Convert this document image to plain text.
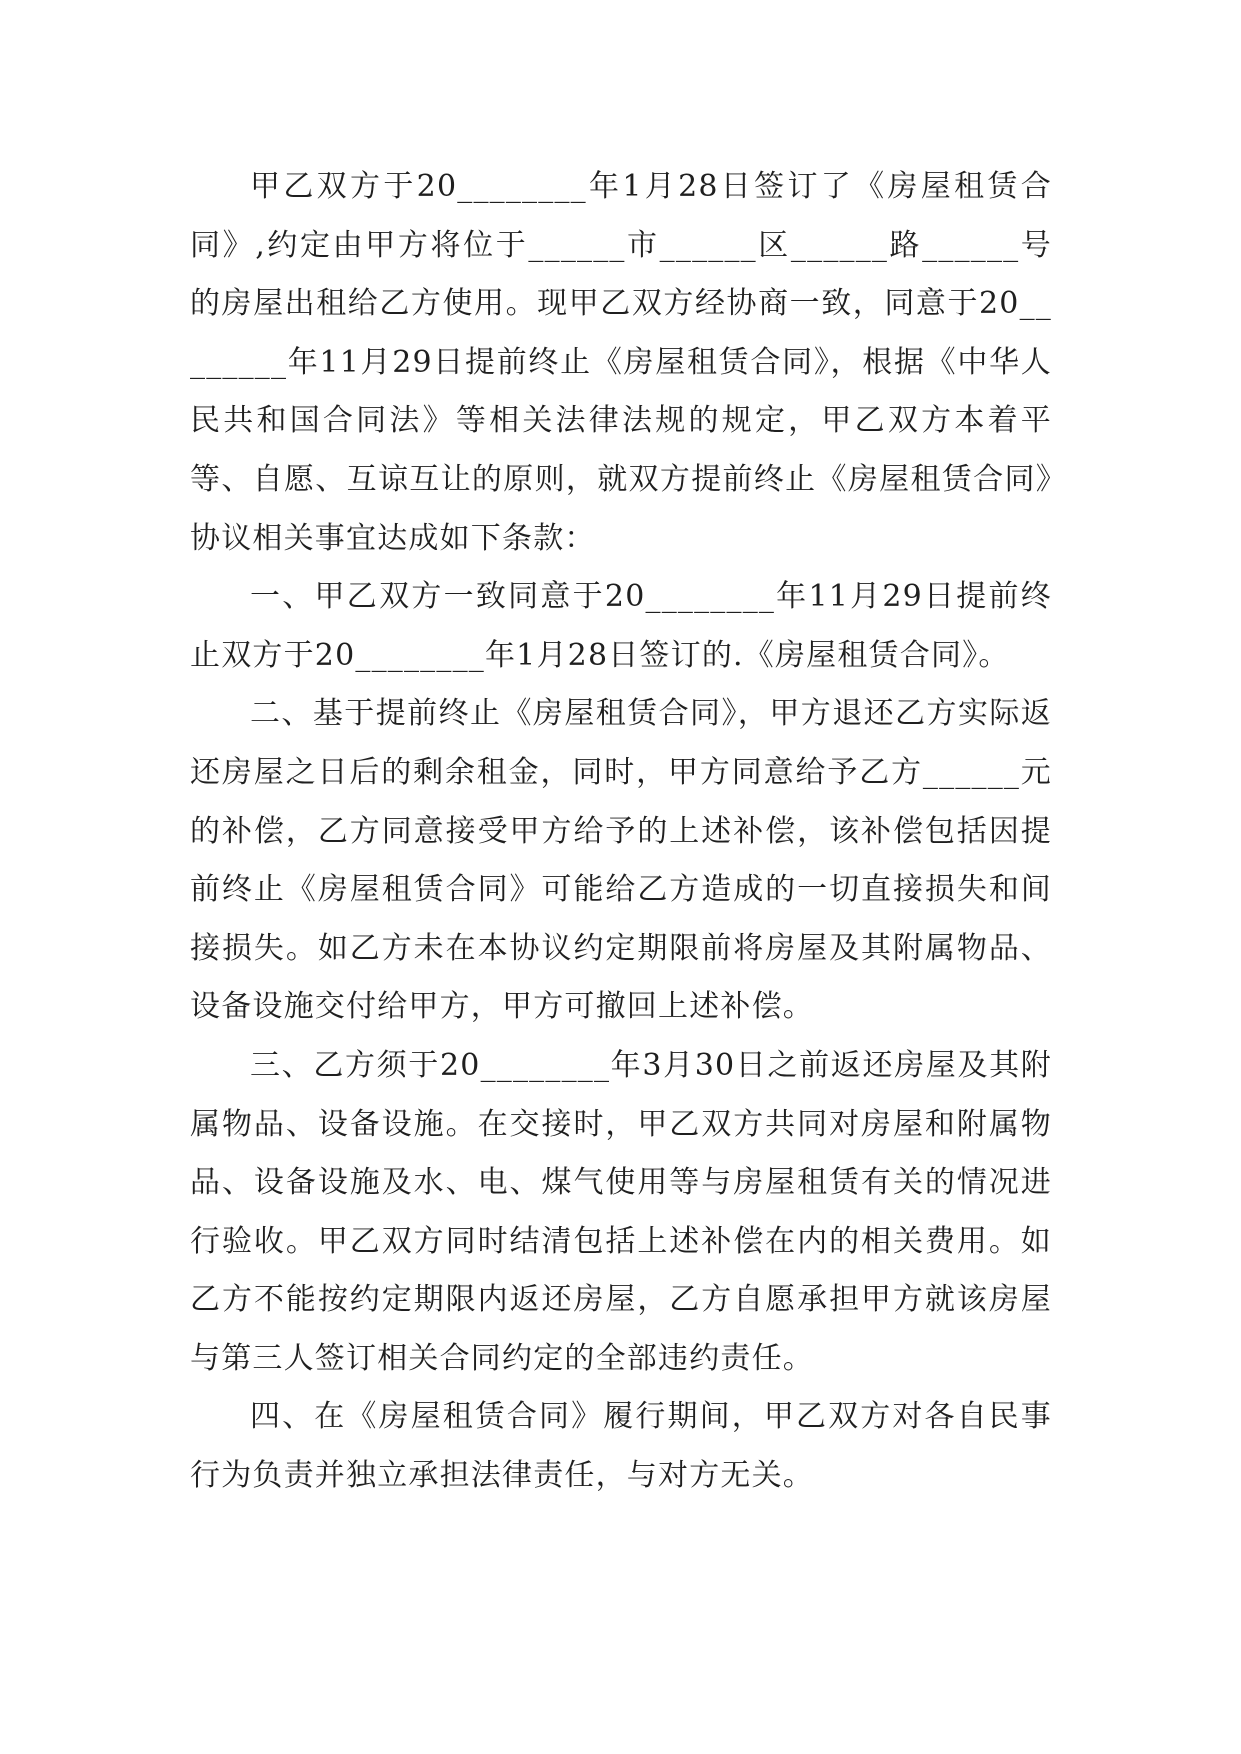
甲乙双方于20________年1月28日签订了《房屋租赁合同》,约定由甲方将位于______市______区______路______号的房屋出租给乙方使用。现甲乙双方经协商一致，同意于20________年11月29日提前终止《房屋租赁合同》，根据《中华人民共和国合同法》等相关法律法规的规定，甲乙双方本着平等、自愿、互谅互让的原则，就双方提前终止《房屋租赁合同》协议相关事宜达成如下条款：

一、甲乙双方一致同意于20________年11月29日提前终止双方于20________年1月28日签订的.《房屋租赁合同》。

二、基于提前终止《房屋租赁合同》，甲方退还乙方实际返还房屋之日后的剩余租金，同时，甲方同意给予乙方______元的补偿，乙方同意接受甲方给予的上述补偿，该补偿包括因提前终止《房屋租赁合同》可能给乙方造成的一切直接损失和间接损失。如乙方未在本协议约定期限前将房屋及其附属物品、设备设施交付给甲方，甲方可撤回上述补偿。

三、乙方须于20________年3月30日之前返还房屋及其附属物品、设备设施。在交接时，甲乙双方共同对房屋和附属物品、设备设施及水、电、煤气使用等与房屋租赁有关的情况进行验收。甲乙双方同时结清包括上述补偿在内的相关费用。如乙方不能按约定期限内返还房屋，乙方自愿承担甲方就该房屋与第三人签订相关合同约定的全部违约责任。

四、在《房屋租赁合同》履行期间，甲乙双方对各自民事行为负责并独立承担法律责任，与对方无关。
